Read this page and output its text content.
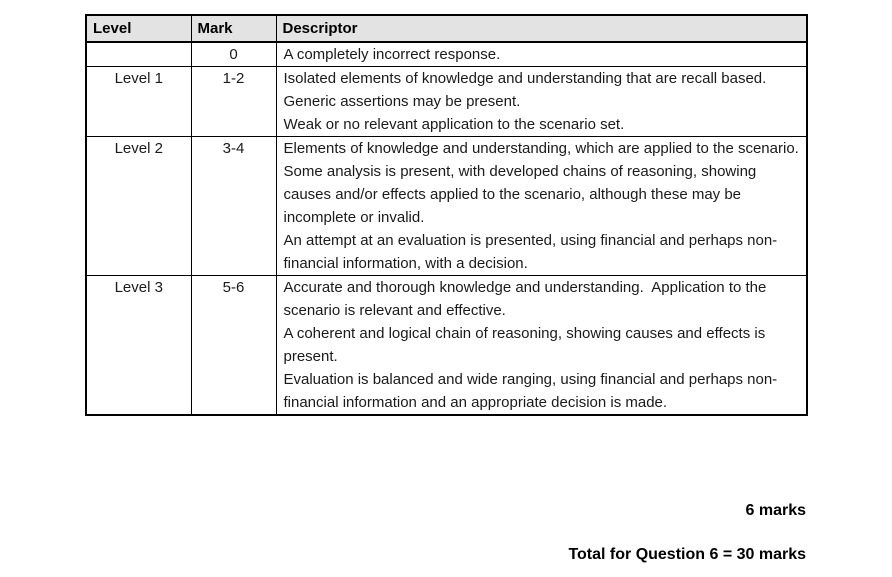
Level	Mark	Descriptor
	0	A completely incorrect response.

Level 1	1-2	Isolated elements of knowledge and understanding that are recall based.

Generic assertions may be present.

Weak or no relevant application to the scenario set.

Level 2	3-4	Elements of knowledge and understanding, which are applied to the scenario.

Some analysis is present, with developed chains of reasoning, showing causes and/or effects applied to the scenario, although these may be incomplete or invalid.

An attempt at an evaluation is presented, using financial and perhaps non-financial information, with a decision.

Level 3	5-6	Accurate and thorough knowledge and understanding.  Application to the scenario is relevant and effective.

A coherent and logical chain of reasoning, showing causes and effects is present.

Evaluation is balanced and wide ranging, using financial and perhaps non-financial information and an appropriate decision is made.

6 marks
Total for Question 6 = 30 marks
